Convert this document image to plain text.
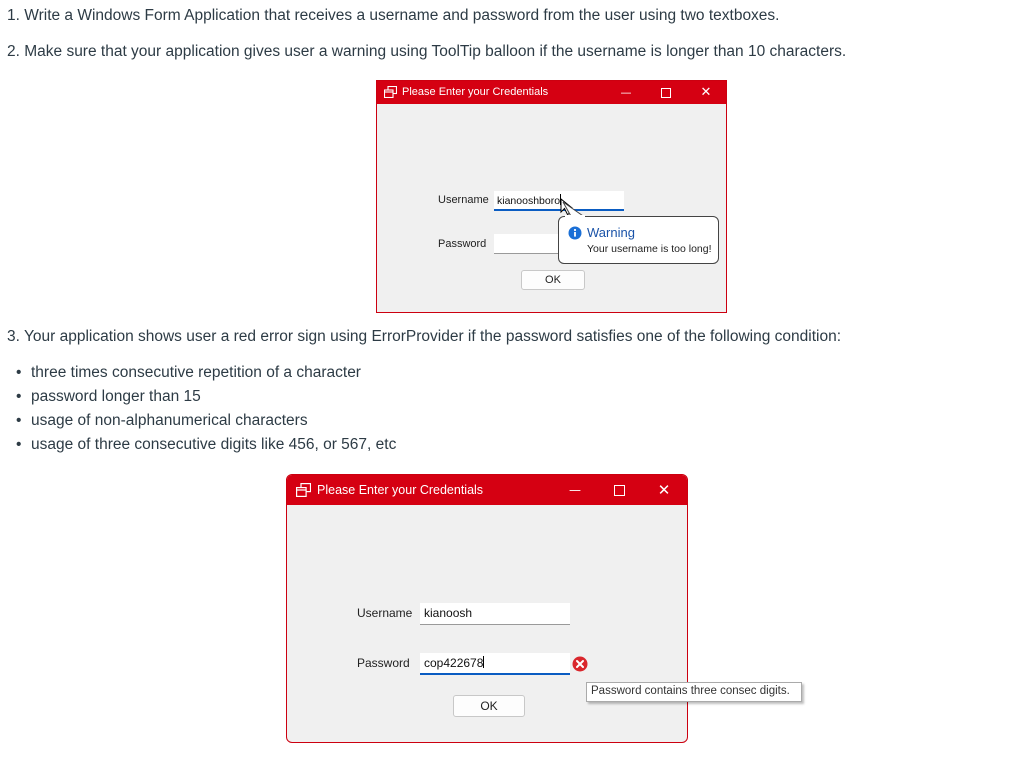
1. Write a Windows Form Application that receives a username and password from the user using two textboxes.
2. Make sure that your application gives user a warning using ToolTip balloon if the username is longer than 10 characters.
Please Enter your Credentials	—	✕
Username kianooshboro
Password
OK
Warning
Your username is too long!
3. Your application shows user a red error sign using ErrorProvider if the password satisfies one of the following condition:
• three times consecutive repetition of a character
• password longer than 15
• usage of non-alphanumerical characters
• usage of three consecutive digits like 456, or 567, etc
Please Enter your Credentials	—	✕
Username kianoosh
Password	cop422678
OK
Password contains three consec digits.
